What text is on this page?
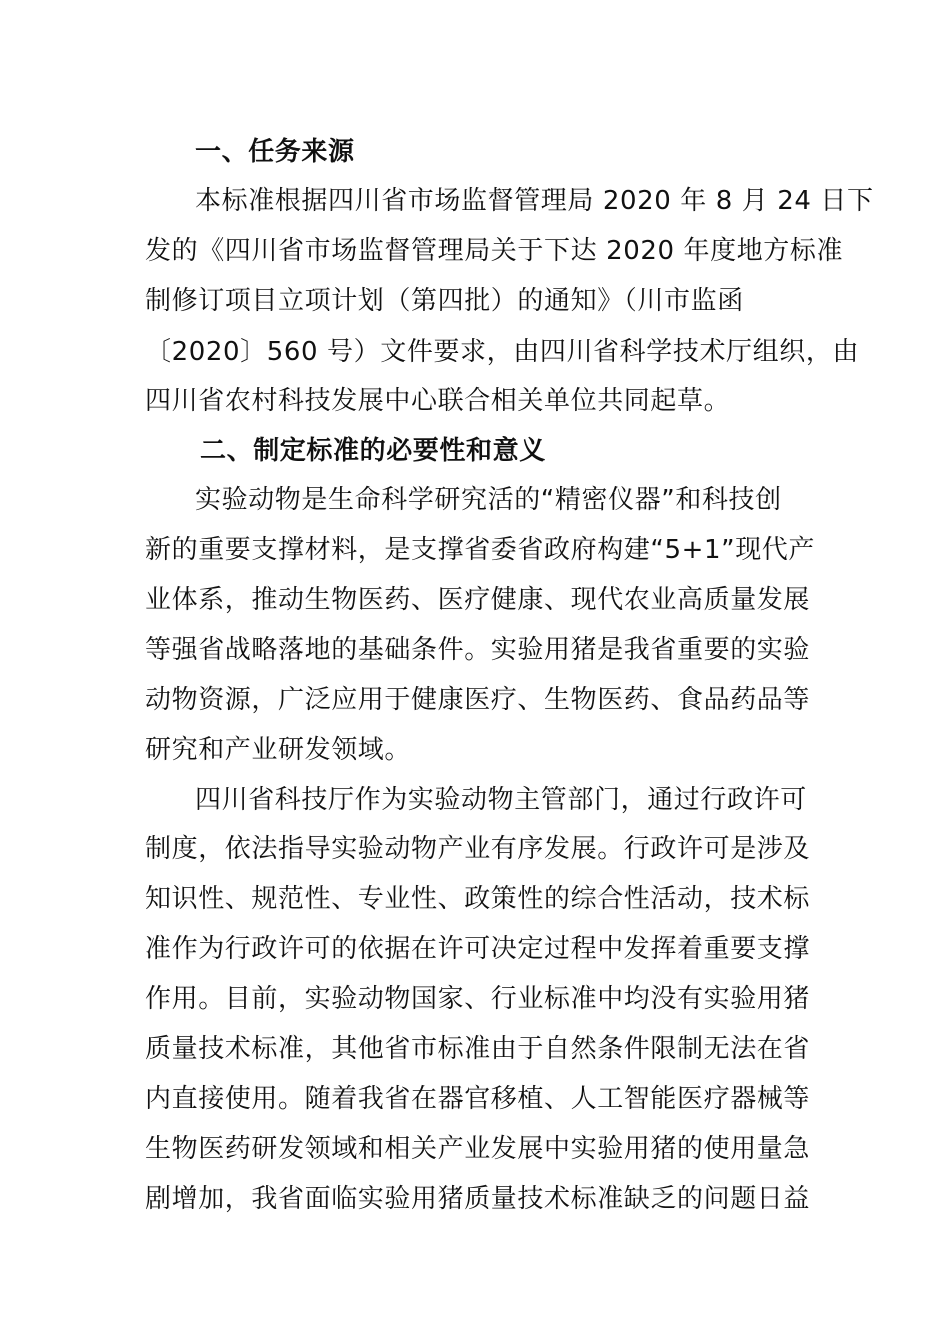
一、任务来源
本标准根据四川省市场监督管理局 2020 年 8 月 24 日下
发的《四川省市场监督管理局关于下达 2020 年度地方标准
制修订项目立项计划（第四批）的通知》（川市监函
〔2020〕560 号）文件要求，由四川省科学技术厅组织，由
四川省农村科技发展中心联合相关单位共同起草。
二、制定标准的必要性和意义
实验动物是生命科学研究活的“精密仪器”和科技创
新的重要支撑材料，是支撑省委省政府构建“5+1”现代产
业体系，推动生物医药、医疗健康、现代农业高质量发展
等强省战略落地的基础条件。实验用猪是我省重要的实验
动物资源，广泛应用于健康医疗、生物医药、食品药品等
研究和产业研发领域。
四川省科技厅作为实验动物主管部门，通过行政许可
制度，依法指导实验动物产业有序发展。行政许可是涉及
知识性、规范性、专业性、政策性的综合性活动，技术标
准作为行政许可的依据在许可决定过程中发挥着重要支撑
作用。目前，实验动物国家、行业标准中均没有实验用猪
质量技术标准，其他省市标准由于自然条件限制无法在省
内直接使用。随着我省在器官移植、人工智能医疗器械等
生物医药研发领域和相关产业发展中实验用猪的使用量急
剧增加，我省面临实验用猪质量技术标准缺乏的问题日益
